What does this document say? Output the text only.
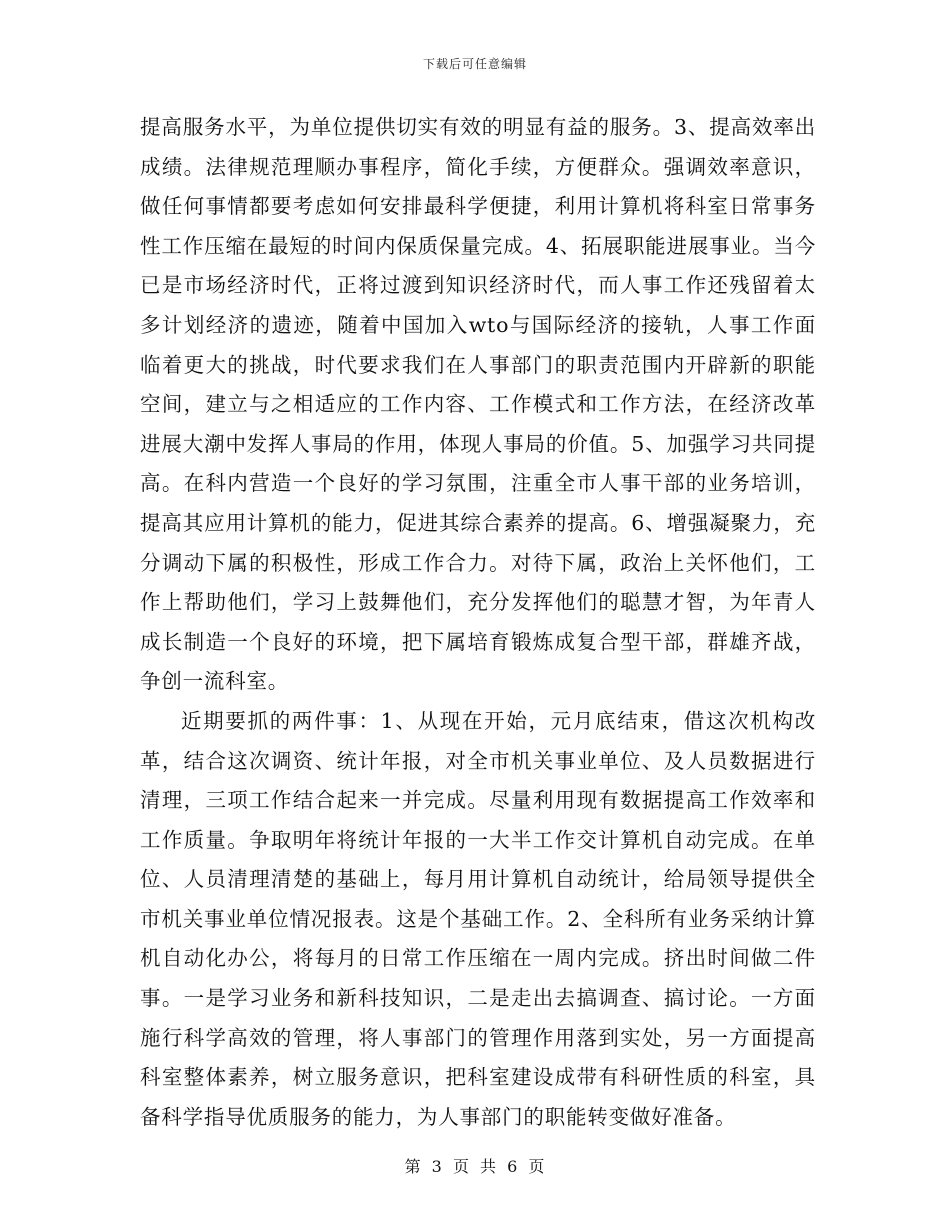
下载后可任意编辑

提高服务水平，为单位提供切实有效的明显有益的服务。3、提高效率出成绩。法律规范理顺办事程序，简化手续，方便群众。强调效率意识，做任何事情都要考虑如何安排最科学便捷，利用计算机将科室日常事务性工作压缩在最短的时间内保质保量完成。4、拓展职能进展事业。当今已是市场经济时代，正将过渡到知识经济时代，而人事工作还残留着太多计划经济的遗迹，随着中国加入wto与国际经济的接轨，人事工作面临着更大的挑战，时代要求我们在人事部门的职责范围内开辟新的职能空间，建立与之相适应的工作内容、工作模式和工作方法，在经济改革进展大潮中发挥人事局的作用，体现人事局的价值。5、加强学习共同提高。在科内营造一个良好的学习氛围，注重全市人事干部的业务培训，提高其应用计算机的能力，促进其综合素养的提高。6、增强凝聚力，充分调动下属的积极性，形成工作合力。对待下属，政治上关怀他们，工作上帮助他们，学习上鼓舞他们，充分发挥他们的聪慧才智，为年青人成长制造一个良好的环境，把下属培育锻炼成复合型干部，群雄齐战，争创一流科室。

近期要抓的两件事：1、从现在开始，元月底结束，借这次机构改革，结合这次调资、统计年报，对全市机关事业单位、及人员数据进行清理，三项工作结合起来一并完成。尽量利用现有数据提高工作效率和工作质量。争取明年将统计年报的一大半工作交计算机自动完成。在单位、人员清理清楚的基础上，每月用计算机自动统计，给局领导提供全市机关事业单位情况报表。这是个基础工作。2、全科所有业务采纳计算机自动化办公，将每月的日常工作压缩在一周内完成。挤出时间做二件事。一是学习业务和新科技知识，二是走出去搞调查、搞讨论。一方面施行科学高效的管理，将人事部门的管理作用落到实处，另一方面提高科室整体素养，树立服务意识，把科室建设成带有科研性质的科室，具备科学指导优质服务的能力，为人事部门的职能转变做好准备。

第 3 页 共 6 页
